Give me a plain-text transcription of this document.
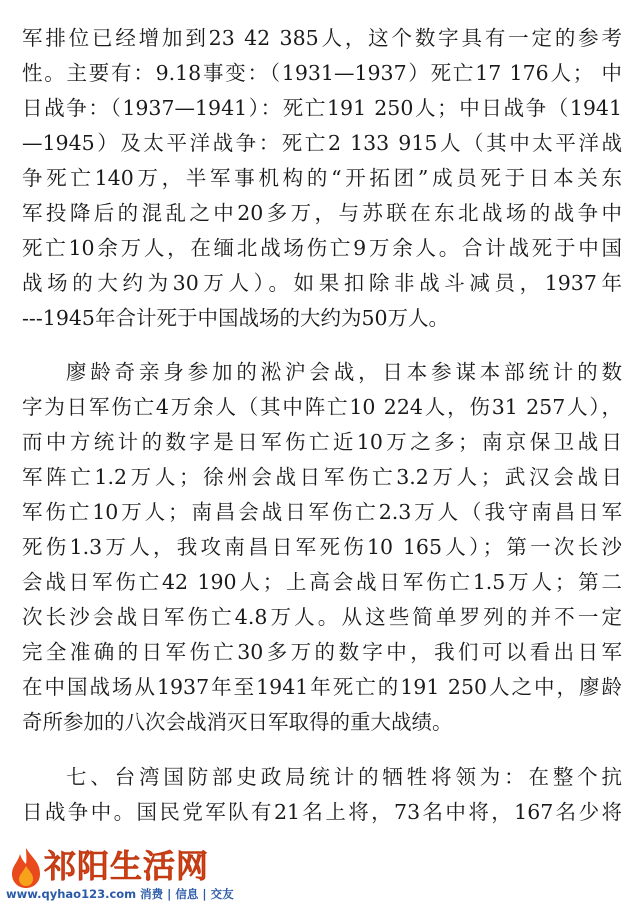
军排位已经增加到23 42 385人，这个数字具有一定的参考
性。主要有：9.18事变：（1931—1937）死亡17 176人； 中
日战争：（1937—1941）：死亡191 250人；中日战争（1941
—1945）及太平洋战争：死亡2 133 915人（其中太平洋战
争死亡140万，半军事机构的“开拓团”成员死于日本关东
军投降后的混乱之中20多万，与苏联在东北战场的战争中
死亡10余万人，在缅北战场伤亡9万余人。合计战死于中国
战场的大约为30万人）。如果扣除非战斗减员，1937年
---1945年合计死于中国战场的大约为50万人。
廖龄奇亲身参加的淞沪会战，日本参谋本部统计的数
字为日军伤亡4万余人（其中阵亡10 224人，伤31 257人），
而中方统计的数字是日军伤亡近10万之多；南京保卫战日
军阵亡1.2万人；徐州会战日军伤亡3.2万人；武汉会战日
军伤亡10万人；南昌会战日军伤亡2.3万人（我守南昌日军
死伤1.3万人，我攻南昌日军死伤10 165人）；第一次长沙
会战日军伤亡42 190人；上高会战日军伤亡1.5万人；第二
次长沙会战日军伤亡4.8万人。从这些简单罗列的并不一定
完全准确的日军伤亡30多万的数字中，我们可以看出日军
在中国战场从1937年至1941年死亡的191 250人之中，廖龄
奇所参加的八次会战消灭日军取得的重大战绩。
七、台湾国防部史政局统计的牺牲将领为：在整个抗
日战争中。国民党军队有21名上将，73名中将，167名少将
祁阳生活网
www.qyhao123.com 消费 | 信息 | 交友
